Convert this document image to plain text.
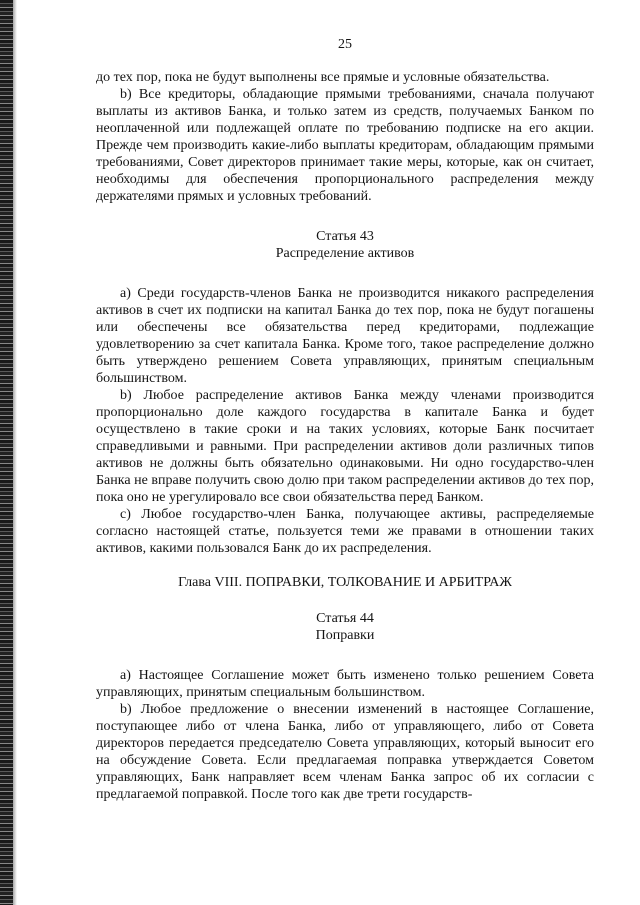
25

до тех пор, пока не будут выполнены все прямые и условные обязательства.

b) Все кредиторы, обладающие прямыми требованиями, сначала получают выплаты из активов Банка, и только затем из средств, получаемых Банком по неоплаченной или подлежащей оплате по требованию подписке на его акции. Прежде чем производить какие-либо выплаты кредиторам, обладающим прямыми требованиями, Совет директоров принимает такие меры, которые, как он считает, необходимы для обеспечения пропорционального распределения между держателями прямых и условных требований.

Статья 43
Распределение активов

a) Среди государств-членов Банка не производится никакого распределения активов в счет их подписки на капитал Банка до тех пор, пока не будут погашены или обеспечены все обязательства перед кредиторами, подлежащие удовлетворению за счет капитала Банка. Кроме того, такое распределение должно быть утверждено решением Совета управляющих, принятым специальным большинством.

b) Любое распределение активов Банка между членами производится пропорционально доле каждого государства в капитале Банка и будет осуществлено в такие сроки и на таких условиях, которые Банк посчитает справедливыми и равными. При распределении активов доли различных типов активов не должны быть обязательно одинаковыми. Ни одно государство-член Банка не вправе получить свою долю при таком распределении активов до тех пор, пока оно не урегулировало все свои обязательства перед Банком.

c) Любое государство-член Банка, получающее активы, распределяемые согласно настоящей статье, пользуется теми же правами в отношении таких активов, какими пользовался Банк до их распределения.

Глава VIII. ПОПРАВКИ, ТОЛКОВАНИЕ И АРБИТРАЖ
Статья 44
Поправки

a) Настоящее Соглашение может быть изменено только решением Совета управляющих, принятым специальным большинством.

b) Любое предложение о внесении изменений в настоящее Соглашение, поступающее либо от члена Банка, либо от управляющего, либо от Совета директоров передается председателю Совета управляющих, который выносит его на обсуждение Совета. Если предлагаемая поправка утверждается Советом управляющих, Банк направляет всем членам Банка запрос об их согласии с предлагаемой поправкой. После того как две трети государств-
